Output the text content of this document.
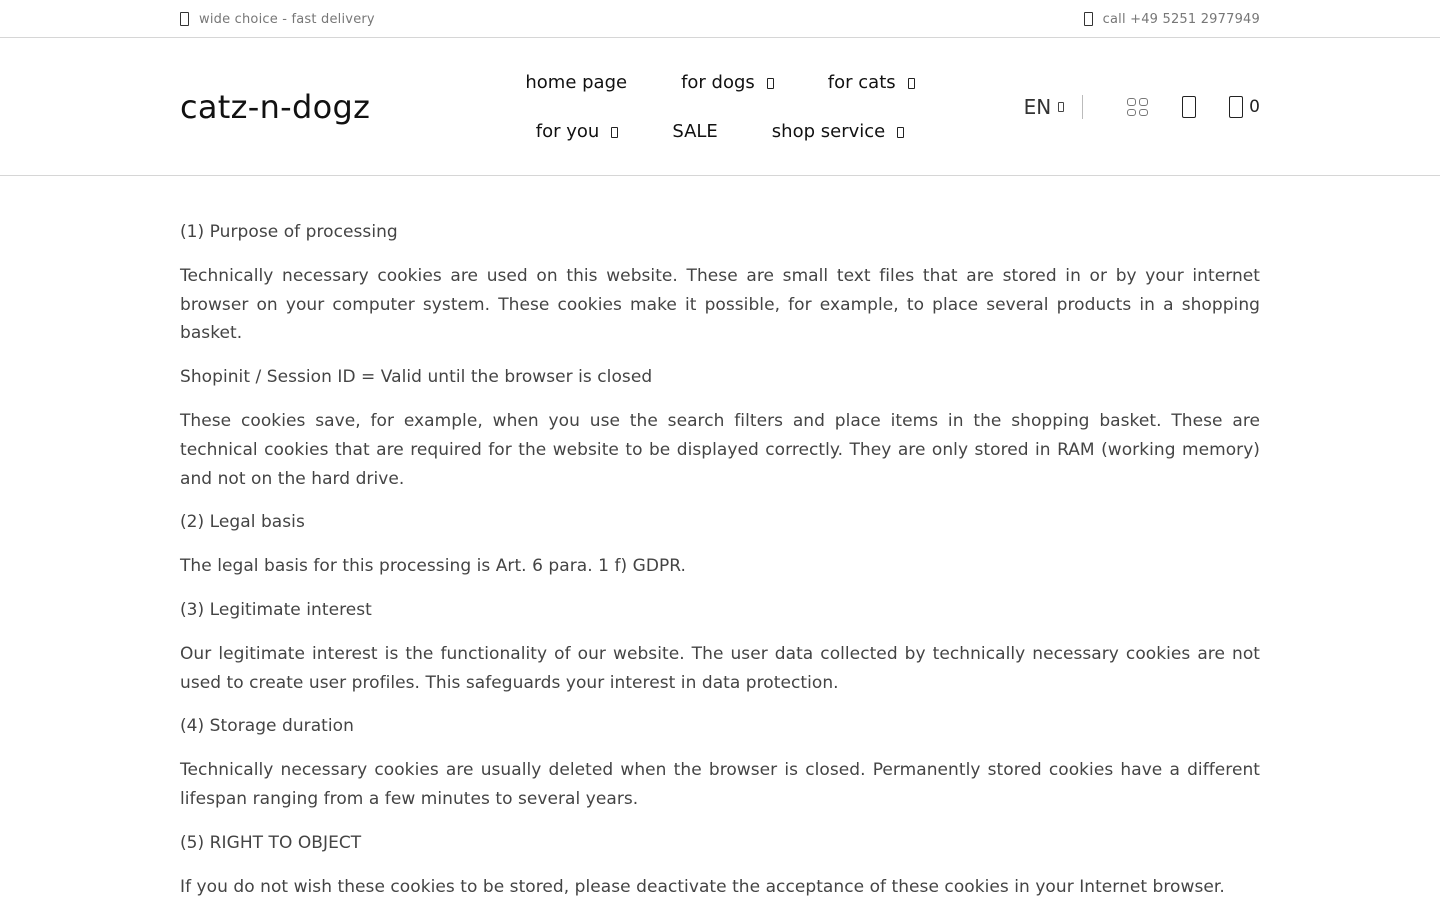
wide choice - fast delivery	call +49 5251 2977949
catz-n-dogz
home page	for dogs	for cats
for you	SALE	shop service
EN	0

(1) Purpose of processing

Technically necessary cookies are used on this website. These are small text files that are stored in or by your internet browser on your computer system. These cookies make it possible, for example, to place several products in a shopping basket.

Shopinit / Session ID = Valid until the browser is closed

These cookies save, for example, when you use the search filters and place items in the shopping basket. These are technical cookies that are required for the website to be displayed correctly. They are only stored in RAM (working memory) and not on the hard drive.

(2) Legal basis

The legal basis for this processing is Art. 6 para. 1 f) GDPR.

(3) Legitimate interest

Our legitimate interest is the functionality of our website. The user data collected by technically necessary cookies are not used to create user profiles. This safeguards your interest in data protection.

(4) Storage duration

Technically necessary cookies are usually deleted when the browser is closed. Permanently stored cookies have a different lifespan ranging from a few minutes to several years.

(5) RIGHT TO OBJECT

If you do not wish these cookies to be stored, please deactivate the acceptance of these cookies in your Internet browser.
